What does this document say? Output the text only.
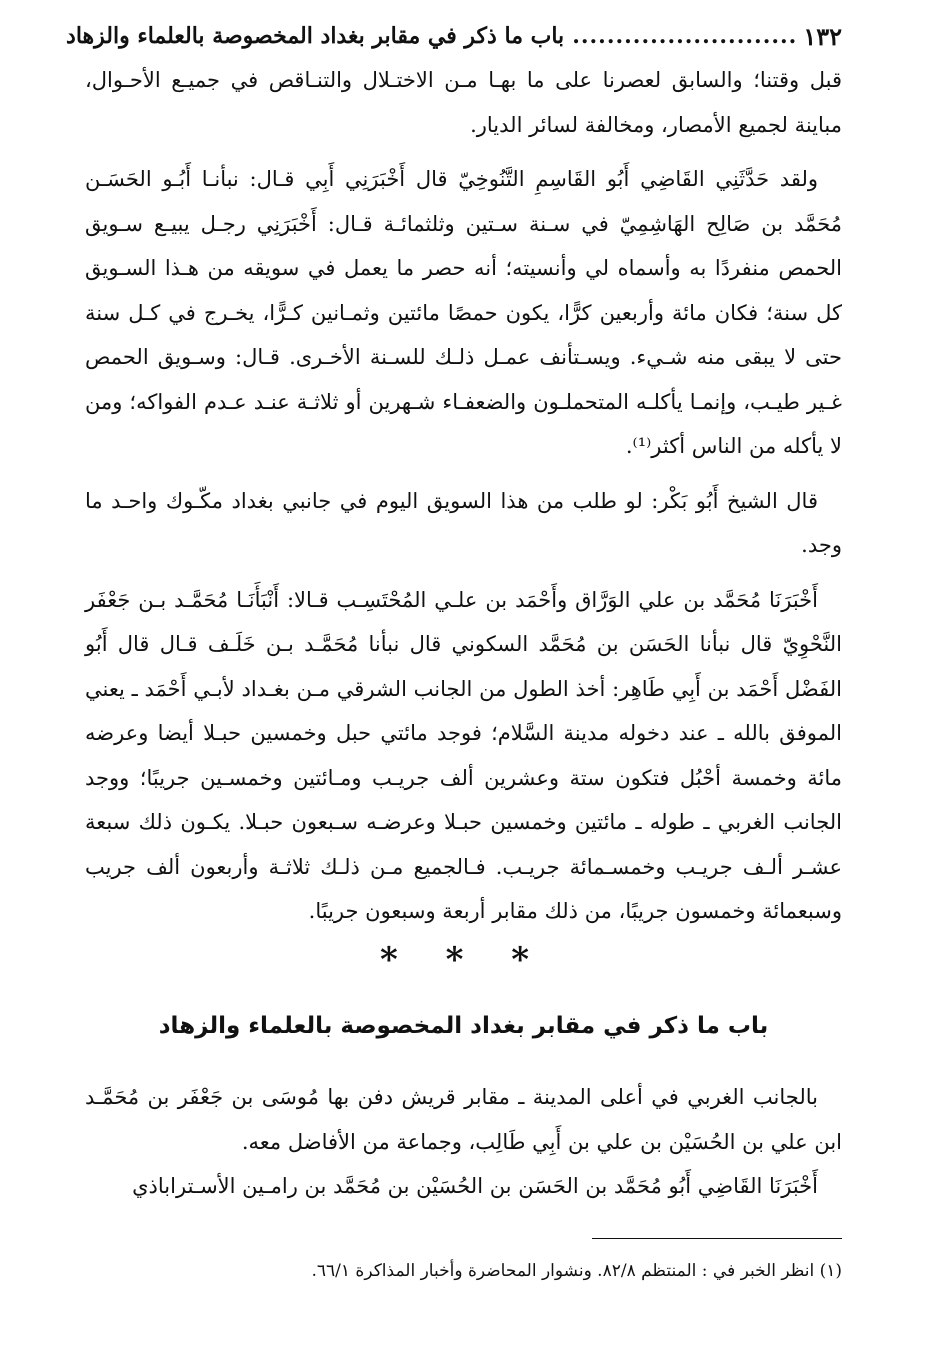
١٣٢
..........................
باب ما ذكر في مقابر بغداد المخصوصة بالعلماء والزهاد

قبل وقتنا؛ والسابق لعصرنا على ما بهـا مـن الاختـلال والتنـاقص في جميـع الأحـوال، مباينة لجميع الأمصار، ومخالفة لسائر الديار.

ولقد حَدَّثَنِي القَاضِي أَبُو القَاسِمِ التَّنُوخِيّ قال أَخْبَرَنِي أَبِي قـال: نبأنـا أَبُـو الحَسَـن مُحَمَّد بن صَالِح الهَاشِمِيّ في سـنة سـتين وثلثمائـة قـال: أَخْبَرَنِي رجـل يبيـع سـويق الحمص منفردًا به وأسماه لي وأنسيته؛ أنه حصر ما يعمل في سويقه من هـذا السـويق كل سنة؛ فكان مائة وأربعين كرًّا، يكون حمصًا مائتين وثمـانين كـرًّا، يخـرج في كـل سنة حتى لا يبقى منه شـيء. ويسـتأنف عمـل ذلـك للسـنة الأخـرى. قـال: وسـويق الحمص غـير طيـب، وإنمـا يأكلـه المتحملـون والضعفـاء شـهرين أو ثلاثـة عنـد عـدم الفواكه؛ ومن لا يأكله من الناس أكثر⁽¹⁾.

قال الشيخ أَبُو بَكْر: لو طلب من هذا السويق اليوم في جانبي بغداد مكّـوك واحـد ما وجد.

أَخْبَرَنَا مُحَمَّد بن علي الوَرَّاق وأَحْمَد بن علـي المُحْتَسِـب قـالا: أَنْبَأَنَـا مُحَمَّـد بـن جَعْفَر النَّحْوِيّ قال نبأنا الحَسَن بن مُحَمَّد السكوني قال نبأنا مُحَمَّـد بـن خَلَـف قـال قال أَبُو الفَضْل أَحْمَد بن أَبِي طَاهِر: أخذ الطول من الجانب الشرقي مـن بغـداد لأبـي أَحْمَد ـ يعني الموفق بالله ـ عند دخوله مدينة السَّلام؛ فوجد مائتي حبل وخمسين حبـلا أيضا وعرضه مائة وخمسة أحْبُل فتكون ستة وعشرين ألف جريـب ومـائتين وخمسـين جريبًا؛ ووجد الجانب الغربي ـ طوله ـ مائتين وخمسين حبـلا وعرضـه سـبعون حبـلا. يكـون ذلك سبعة عشـر ألـف جريـب وخمسـمائة جريـب. فـالجميع مـن ذلـك ثلاثـة وأربعون ألف جريب وسبعمائة وخمسون جريبًا، من ذلك مقابر أربعة وسبعون جريبًا.

* * *
باب ما ذكر في مقابر بغداد المخصوصة بالعلماء والزهاد

بالجانب الغربي في أعلى المدينة ـ مقابر قريش دفن بها مُوسَى بن جَعْفَر بن مُحَمَّـد ابن علي بن الحُسَيْن بن علي بن أَبِي طَالِب، وجماعة من الأفاضل معه.

أَخْبَرَنَا القَاضِي أَبُو مُحَمَّد بن الحَسَن بن الحُسَيْن بن مُحَمَّد بن رامـين الأسـتراباذي

(١) انظر الخبر في : المنتظم ٨٢/٨. ونشوار المحاضرة وأخبار المذاكرة ٦٦/١.
